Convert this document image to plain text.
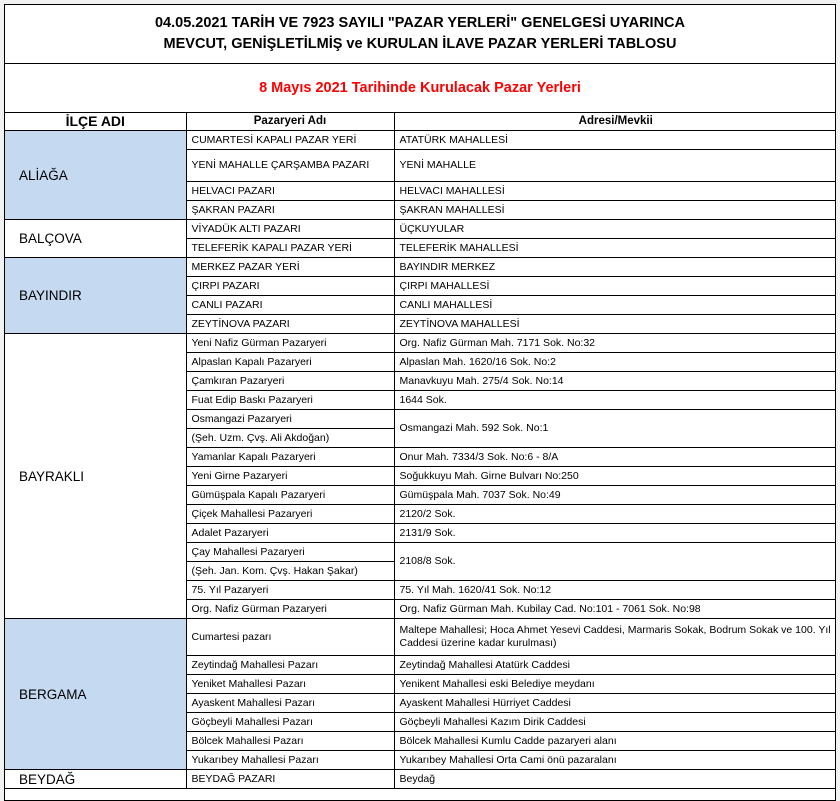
04.05.2021 TARİH VE 7923 SAYILI "PAZAR YERLERİ" GENELGESİ UYARINCA
MEVCUT, GENİŞLETİLMİŞ ve KURULAN İLAVE PAZAR YERLERİ TABLOSU
8 Mayıs 2021 Tarihinde Kurulacak Pazar Yerleri
İLÇE ADI	Pazaryeri Adı	Adresi/Mevkii
ALİAĞA	CUMARTESİ KAPALI PAZAR YERİ	ATATÜRK MAHALLESİ
	YENİ MAHALLE ÇARŞAMBA PAZARI	YENİ MAHALLE
	HELVACI PAZARI	HELVACI MAHALLESİ
	ŞAKRAN PAZARI	ŞAKRAN MAHALLESİ
BALÇOVA	VİYADÜK ALTI PAZARI	ÜÇKUYULAR
	TELEFERİK KAPALI PAZAR YERİ	TELEFERİK MAHALLESİ
BAYINDIR	MERKEZ PAZAR YERİ	BAYINDIR MERKEZ
	ÇIRPI PAZARI	ÇIRPI MAHALLESİ
	CANLI PAZARI	CANLI MAHALLESİ
	ZEYTİNOVA PAZARI	ZEYTİNOVA MAHALLESİ
BAYRAKLI	Yeni Nafiz Gürman Pazaryeri	Org. Nafiz Gürman Mah. 7171 Sok. No:32
	Alpaslan Kapalı Pazaryeri	Alpaslan Mah. 1620/16 Sok. No:2
	Çamkıran Pazaryeri	Manavkuyu Mah. 275/4 Sok. No:14
	Fuat Edip Baskı Pazaryeri	1644 Sok.
	Osmangazi Pazaryeri	Osmangazi Mah. 592 Sok. No:1
	(Şeh. Uzm. Çvş. Ali Akdoğan)	
	Yamanlar Kapalı Pazaryeri	Onur Mah. 7334/3 Sok. No:6 - 8/A
	Yeni Girne Pazaryeri	Soğukkuyu Mah. Girne Bulvarı No:250
	Gümüşpala Kapalı Pazaryeri	Gümüşpala Mah. 7037 Sok. No:49
	Çiçek Mahallesi Pazaryeri	2120/2 Sok.
	Adalet Pazaryeri	2131/9 Sok.
	Çay Mahallesi Pazaryeri	2108/8 Sok.
	(Şeh. Jan. Kom. Çvş. Hakan Şakar)	
	75. Yıl Pazaryeri	75. Yıl Mah. 1620/41 Sok. No:12
	Org. Nafiz Gürman Pazaryeri	Org. Nafiz Gürman Mah. Kubilay Cad. No:101 - 7061 Sok. No:98
BERGAMA	Cumartesi pazarı	Maltepe Mahallesi; Hoca Ahmet Yesevi Caddesi, Marmaris Sokak, Bodrum Sokak ve 100. Yıl Caddesi üzerine kadar kurulması)
	Zeytindağ Mahallesi Pazarı	Zeytindağ Mahallesi Atatürk Caddesi
	Yeniket Mahallesi Pazarı	Yenikent Mahallesi eski Belediye meydanı
	Ayaskent Mahallesi Pazarı	Ayaskent Mahallesi Hürriyet Caddesi
	Göçbeyli Mahallesi Pazarı	Göçbeyli Mahallesi Kazım Dirik Caddesi
	Bölcek Mahallesi Pazarı	Bölcek Mahallesi Kumlu Cadde pazaryeri alanı
	Yukarıbey Mahallesi Pazarı	Yukarıbey Mahallesi Orta Cami önü pazaralanı
BEYDAĞ	BEYDAĞ PAZARI	Beydağ
